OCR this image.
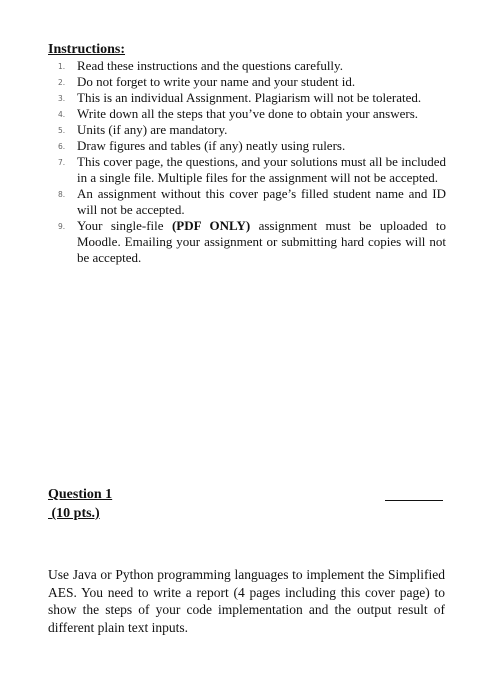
Instructions:
1. Read these instructions and the questions carefully.
2. Do not forget to write your name and your student id.
3. This is an individual Assignment. Plagiarism will not be tolerated.
4. Write down all the steps that you’ve done to obtain your answers.
5. Units (if any) are mandatory.
6. Draw figures and tables (if any) neatly using rulers.
7. This cover page, the questions, and your solutions must all be included in a single file. Multiple files for the assignment will not be accepted.
8. An assignment without this cover page’s filled student name and ID will not be accepted.
9. Your single-file (PDF ONLY) assignment must be uploaded to Moodle. Emailing your assignment or submitting hard copies will not be accepted.
Question 1
(10 pts.)

Use Java or Python programming languages to implement the Simplified AES. You need to write a report (4 pages including this cover page) to show the steps of your code implementation and the output result of different plain text inputs.
